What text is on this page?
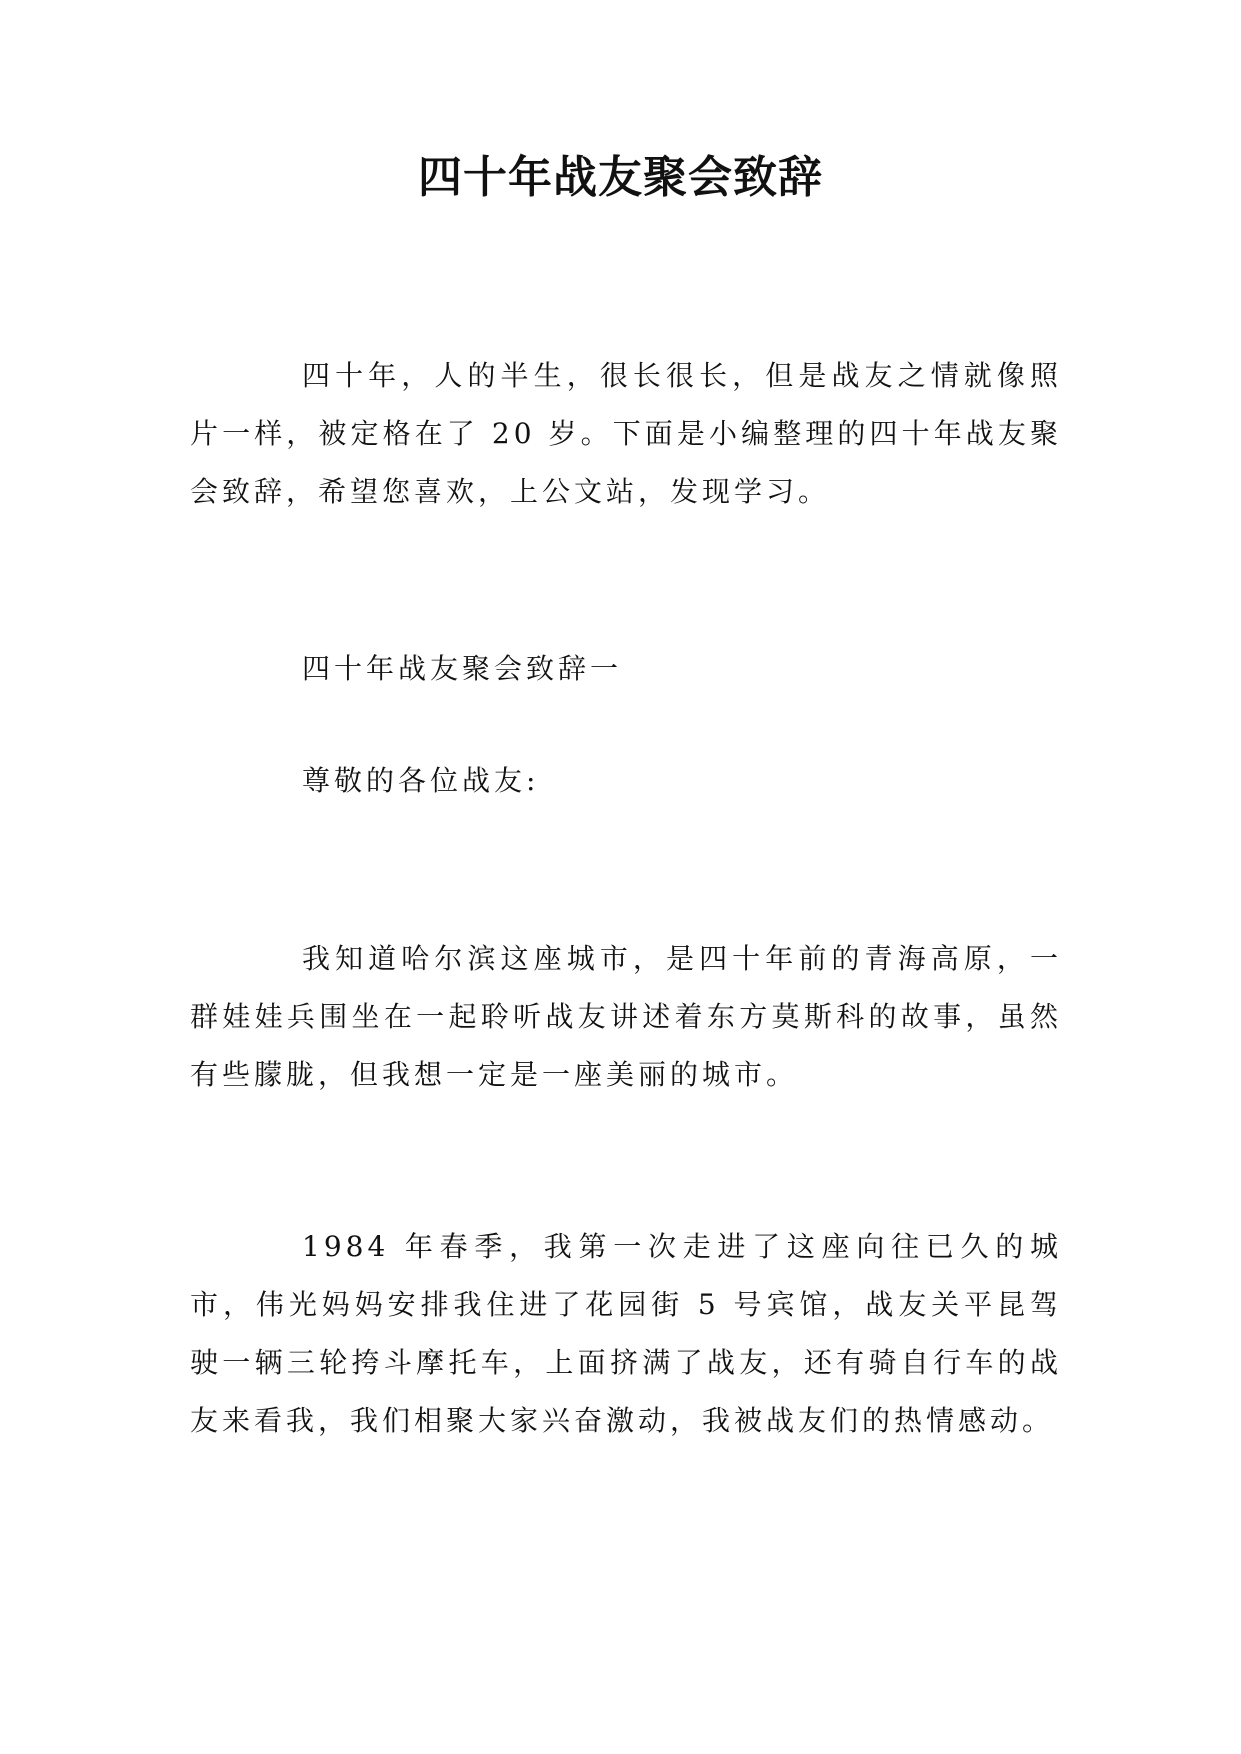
四十年战友聚会致辞

四十年，人的半生，很长很长，但是战友之情就像照片一样，被定格在了 20 岁。下面是小编整理的四十年战友聚会致辞，希望您喜欢，上公文站，发现学习。

四十年战友聚会致辞一

尊敬的各位战友:

我知道哈尔滨这座城市，是四十年前的青海高原，一群娃娃兵围坐在一起聆听战友讲述着东方莫斯科的故事，虽然有些朦胧，但我想一定是一座美丽的城市。

1984 年春季，我第一次走进了这座向往已久的城市，伟光妈妈安排我住进了花园街 5 号宾馆，战友关平昆驾驶一辆三轮挎斗摩托车，上面挤满了战友，还有骑自行车的战友来看我，我们相聚大家兴奋激动，我被战友们的热情感动。
